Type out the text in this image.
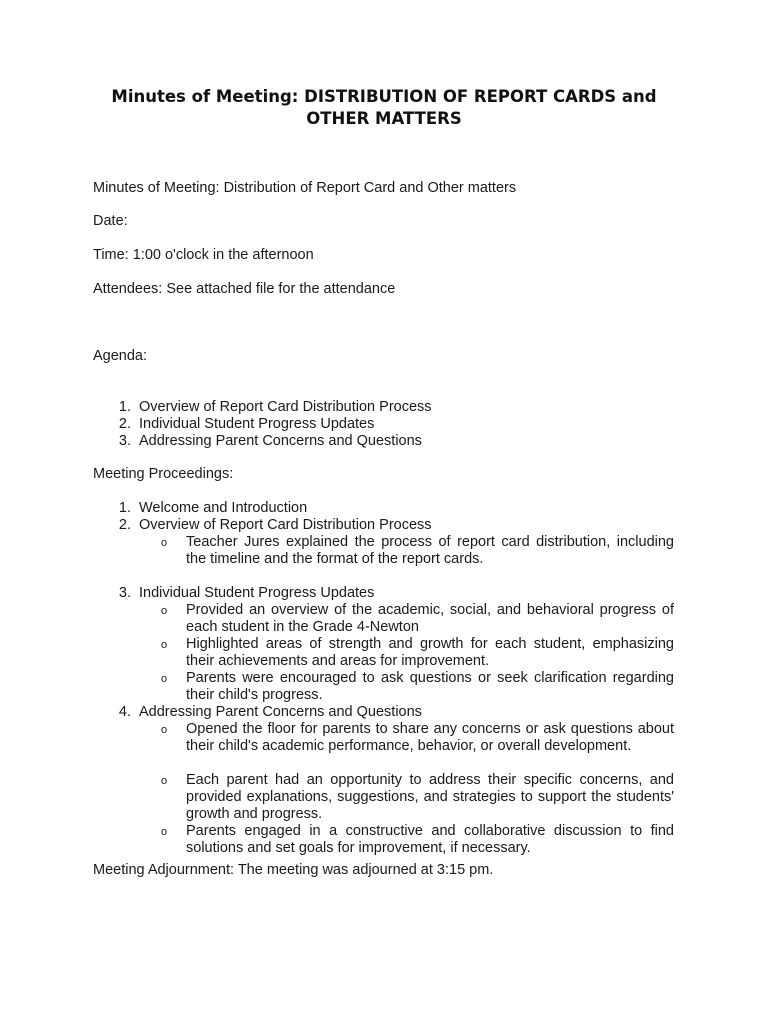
Minutes of Meeting: DISTRIBUTION OF REPORT CARDS and OTHER MATTERS
Minutes of Meeting: Distribution of Report Card and Other matters
Date:
Time: 1:00 o'clock in the afternoon
Attendees: See attached file for the attendance
Agenda:
1. Overview of Report Card Distribution Process
2. Individual Student Progress Updates
3. Addressing Parent Concerns and Questions
Meeting Proceedings:
1. Welcome and Introduction
2. Overview of Report Card Distribution Process
o Teacher Jures explained the process of report card distribution, including the timeline and the format of the report cards.
3. Individual Student Progress Updates
o Provided an overview of the academic, social, and behavioral progress of each student in the Grade 4-Newton
o Highlighted areas of strength and growth for each student, emphasizing their achievements and areas for improvement.
o Parents were encouraged to ask questions or seek clarification regarding their child's progress.
4. Addressing Parent Concerns and Questions
o Opened the floor for parents to share any concerns or ask questions about their child's academic performance, behavior, or overall development.
o Each parent had an opportunity to address their specific concerns, and provided explanations, suggestions, and strategies to support the students' growth and progress.
o Parents engaged in a constructive and collaborative discussion to find solutions and set goals for improvement, if necessary.
Meeting Adjournment: The meeting was adjourned at 3:15 pm.
